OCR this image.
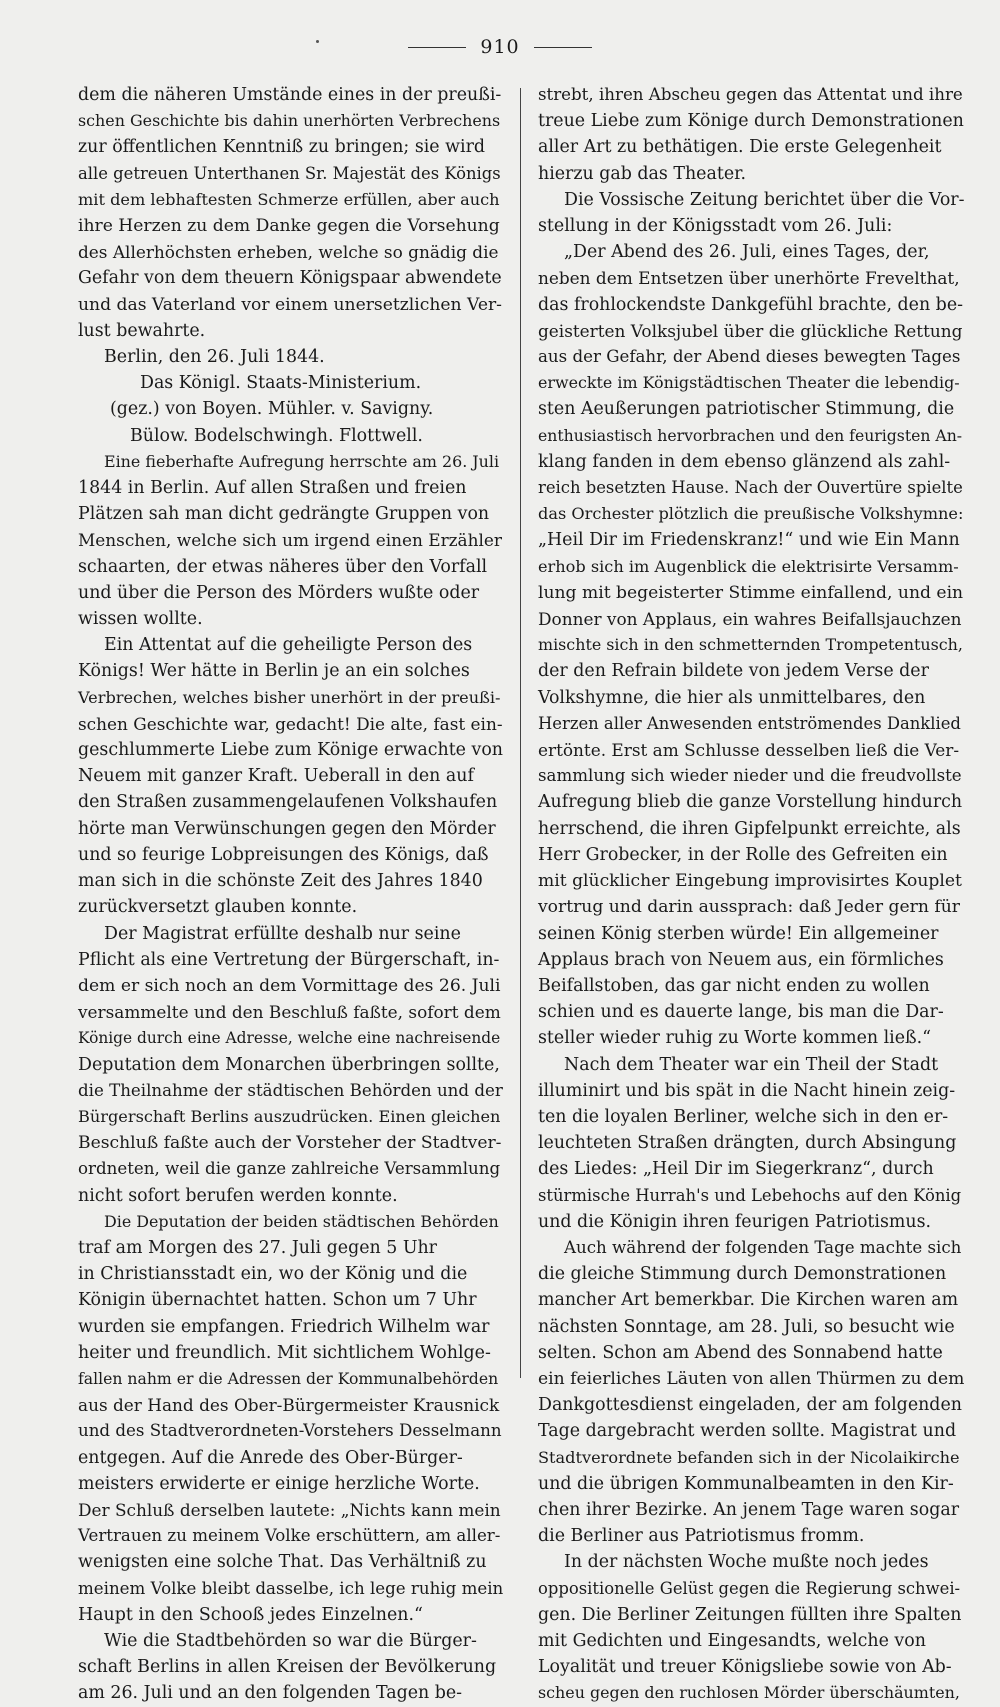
910
dem die näheren Umstände eines in der preußi-
schen Geschichte bis dahin unerhörten Verbrechens
zur öffentlichen Kenntniß zu bringen; sie wird
alle getreuen Unterthanen Sr. Majestät des Königs
mit dem lebhaftesten Schmerze erfüllen, aber auch
ihre Herzen zu dem Danke gegen die Vorsehung
des Allerhöchsten erheben, welche so gnädig die
Gefahr von dem theuern Königspaar abwendete
und das Vaterland vor einem unersetzlichen Ver-
lust bewahrte.
Berlin, den 26. Juli 1844.
Das Königl. Staats-Ministerium.
(gez.) von Boyen. Mühler. v. Savigny.
Bülow. Bodelschwingh. Flottwell.
Eine fieberhafte Aufregung herrschte am 26. Juli
1844 in Berlin. Auf allen Straßen und freien
Plätzen sah man dicht gedrängte Gruppen von
Menschen, welche sich um irgend einen Erzähler
schaarten, der etwas näheres über den Vorfall
und über die Person des Mörders wußte oder
wissen wollte.
Ein Attentat auf die geheiligte Person des
Königs! Wer hätte in Berlin je an ein solches
Verbrechen, welches bisher unerhört in der preußi-
schen Geschichte war, gedacht! Die alte, fast ein-
geschlummerte Liebe zum Könige erwachte von
Neuem mit ganzer Kraft. Ueberall in den auf
den Straßen zusammengelaufenen Volkshaufen
hörte man Verwünschungen gegen den Mörder
und so feurige Lobpreisungen des Königs, daß
man sich in die schönste Zeit des Jahres 1840
zurückversetzt glauben konnte.
Der Magistrat erfüllte deshalb nur seine
Pflicht als eine Vertretung der Bürgerschaft, in-
dem er sich noch an dem Vormittage des 26. Juli
versammelte und den Beschluß faßte, sofort dem
Könige durch eine Adresse, welche eine nachreisende
Deputation dem Monarchen überbringen sollte,
die Theilnahme der städtischen Behörden und der
Bürgerschaft Berlins auszudrücken. Einen gleichen
Beschluß faßte auch der Vorsteher der Stadtver-
ordneten, weil die ganze zahlreiche Versammlung
nicht sofort berufen werden konnte.
Die Deputation der beiden städtischen Behörden
traf am Morgen des 27. Juli gegen 5 Uhr
in Christiansstadt ein, wo der König und die
Königin übernachtet hatten. Schon um 7 Uhr
wurden sie empfangen. Friedrich Wilhelm war
heiter und freundlich. Mit sichtlichem Wohlge-
fallen nahm er die Adressen der Kommunalbehörden
aus der Hand des Ober-Bürgermeister Krausnick
und des Stadtverordneten-Vorstehers Desselmann
entgegen. Auf die Anrede des Ober-Bürger-
meisters erwiderte er einige herzliche Worte.
Der Schluß derselben lautete: „Nichts kann mein
Vertrauen zu meinem Volke erschüttern, am aller-
wenigsten eine solche That. Das Verhältniß zu
meinem Volke bleibt dasselbe, ich lege ruhig mein
Haupt in den Schooß jedes Einzelnen.“
Wie die Stadtbehörden so war die Bürger-
schaft Berlins in allen Kreisen der Bevölkerung
am 26. Juli und an den folgenden Tagen be-
strebt, ihren Abscheu gegen das Attentat und ihre
treue Liebe zum Könige durch Demonstrationen
aller Art zu bethätigen. Die erste Gelegenheit
hierzu gab das Theater.
Die Vossische Zeitung berichtet über die Vor-
stellung in der Königsstadt vom 26. Juli:
„Der Abend des 26. Juli, eines Tages, der,
neben dem Entsetzen über unerhörte Frevelthat,
das frohlockendste Dankgefühl brachte, den be-
geisterten Volksjubel über die glückliche Rettung
aus der Gefahr, der Abend dieses bewegten Tages
erweckte im Königstädtischen Theater die lebendig-
sten Aeußerungen patriotischer Stimmung, die
enthusiastisch hervorbrachen und den feurigsten An-
klang fanden in dem ebenso glänzend als zahl-
reich besetzten Hause. Nach der Ouvertüre spielte
das Orchester plötzlich die preußische Volkshymne:
„Heil Dir im Friedenskranz!“ und wie Ein Mann
erhob sich im Augenblick die elektrisirte Versamm-
lung mit begeisterter Stimme einfallend, und ein
Donner von Applaus, ein wahres Beifallsjauchzen
mischte sich in den schmetternden Trompetentusch,
der den Refrain bildete von jedem Verse der
Volkshymne, die hier als unmittelbares, den
Herzen aller Anwesenden entströmendes Danklied
ertönte. Erst am Schlusse desselben ließ die Ver-
sammlung sich wieder nieder und die freudvollste
Aufregung blieb die ganze Vorstellung hindurch
herrschend, die ihren Gipfelpunkt erreichte, als
Herr Grobecker, in der Rolle des Gefreiten ein
mit glücklicher Eingebung improvisirtes Kouplet
vortrug und darin aussprach: daß Jeder gern für
seinen König sterben würde! Ein allgemeiner
Applaus brach von Neuem aus, ein förmliches
Beifallstoben, das gar nicht enden zu wollen
schien und es dauerte lange, bis man die Dar-
steller wieder ruhig zu Worte kommen ließ.“
Nach dem Theater war ein Theil der Stadt
illuminirt und bis spät in die Nacht hinein zeig-
ten die loyalen Berliner, welche sich in den er-
leuchteten Straßen drängten, durch Absingung
des Liedes: „Heil Dir im Siegerkranz“, durch
stürmische Hurrah's und Lebehochs auf den König
und die Königin ihren feurigen Patriotismus.
Auch während der folgenden Tage machte sich
die gleiche Stimmung durch Demonstrationen
mancher Art bemerkbar. Die Kirchen waren am
nächsten Sonntage, am 28. Juli, so besucht wie
selten. Schon am Abend des Sonnabend hatte
ein feierliches Läuten von allen Thürmen zu dem
Dankgottesdienst eingeladen, der am folgenden
Tage dargebracht werden sollte. Magistrat und
Stadtverordnete befanden sich in der Nicolaikirche
und die übrigen Kommunalbeamten in den Kir-
chen ihrer Bezirke. An jenem Tage waren sogar
die Berliner aus Patriotismus fromm.
In der nächsten Woche mußte noch jedes
oppositionelle Gelüst gegen die Regierung schwei-
gen. Die Berliner Zeitungen füllten ihre Spalten
mit Gedichten und Eingesandts, welche von
Loyalität und treuer Königsliebe sowie von Ab-
scheu gegen den ruchlosen Mörder überschäumten,
